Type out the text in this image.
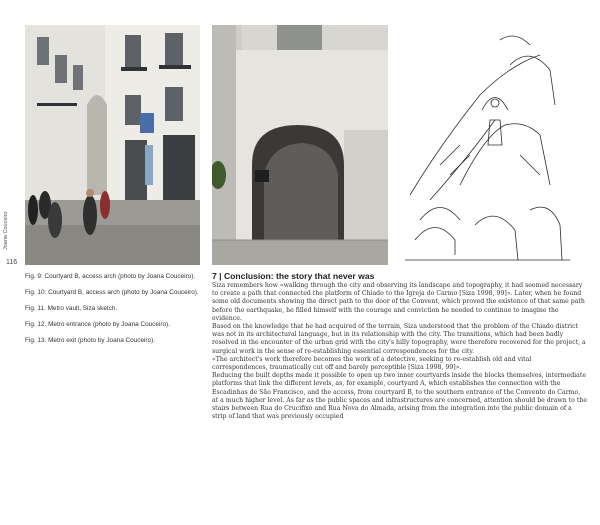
Joana Couceiro
116

Fig. 9: Courtyard B, access arch (photo by Joana Couceiro).

Fig. 10: Courtyard B, access arch (photo by Joana Couceiro).

Fig. 11. Metro vault, Siza sketch.

Fig. 12. Metro entrance (photo by Joana Couceiro).

Fig. 13. Metro exit (photo by Joana Couceiro).

7 | Conclusion: the story that never was

Siza remembers how «walking through the city and observing its landscape and topography, it had seemed necessary to create a path that connected the platform of Chiado to the Igreja do Carmo [Siza 1998, 99]». Later, when he found some old documents showing the direct path to the door of the Convent, which proved the existence of that same path before the earthquake, he filled himself with the courage and conviction he needed to continue to imagine the evidence.

Based on the knowledge that he had acquired of the terrain, Siza understood that the problem of the Chiado district was not in its architectural language, but in its relationship with the city. The transitions, which had been badly resolved in the encounter of the urban grid with the city's hilly topography, were therefore recovered for the project, a surgical work in the sense of re-establishing essential correspondences for the city.

«The architect's work therefore becomes the work of a detective, seeking to re-establish old and vital correspondences, traumatically cut off and barely perceptible [Siza 1998, 99]».

Reducing the built depths made it possible to open up two inner courtyards inside the blocks themselves, intermediate platforms that link the different levels, as, for example, courtyard A, which establishes the connection with the Escadinhas de São Francisco, and the access, from courtyard B, to the southern entrance of the Convento do Carmo, at a much higher level. As far as the public spaces and infrastructures are concerned, attention should be drawn to the stairs between Rua do Crucifixo and Rua Nova do Almada, arising from the integration into the public domain of a strip of land that was previously occupied
